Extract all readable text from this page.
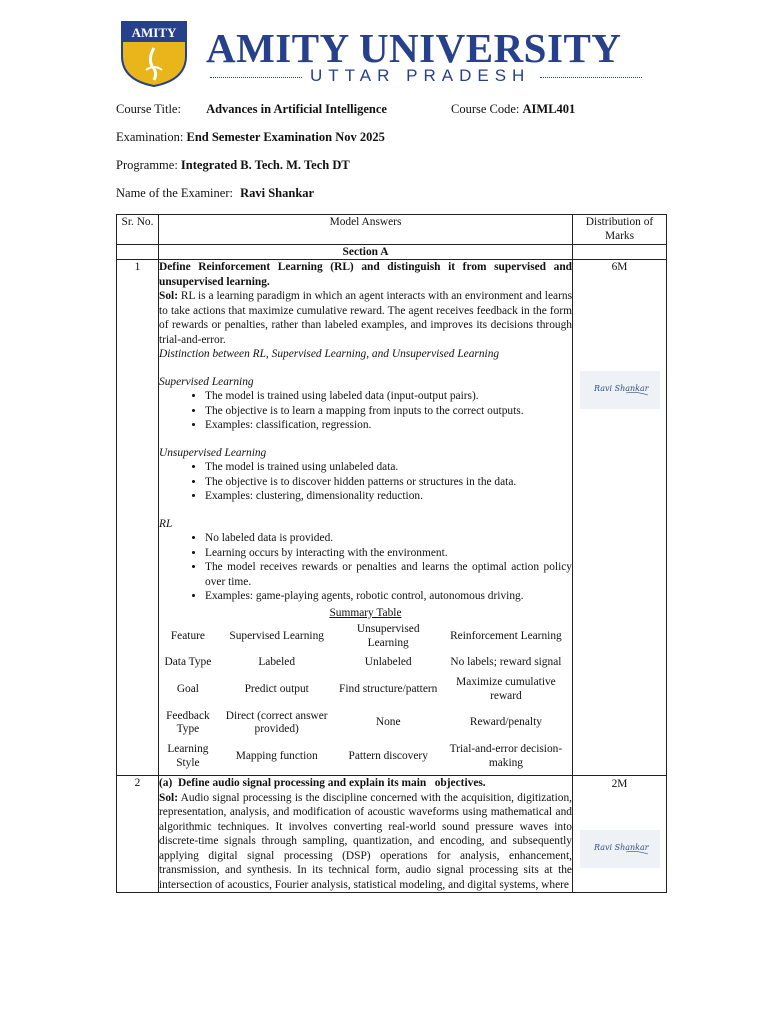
AMITY AMITY UNIVERSITY
UTTAR PRADESH
Course Title: Advances in Artificial Intelligence	Course Code: AIML401
Examination: End Semester Examination Nov 2025
Programme: Integrated B. Tech. M. Tech DT
Name of the Examiner: Ravi Shankar
Sr. No.	Model Answers	Distribution of Marks
	Section A	
1	Define Reinforcement Learning (RL) and distinguish it from supervised and unsupervised learning.
Sol: RL is a learning paradigm in which an agent interacts with an environment and learns to take actions that maximize cumulative reward. The agent receives feedback in the form of rewards or penalties, rather than labeled examples, and improves its decisions through trial-and-error.
Distinction between RL, Supervised Learning, and Unsupervised Learning
Supervised Learning
• The model is trained using labeled data (input-output pairs).
• The objective is to learn a mapping from inputs to the correct outputs.
• Examples: classification, regression.
Unsupervised Learning
• The model is trained using unlabeled data.
• The objective is to discover hidden patterns or structures in the data.
• Examples: clustering, dimensionality reduction.
RL
• No labeled data is provided.
• Learning occurs by interacting with the environment.
• The model receives rewards or penalties and learns the optimal action policy over time.
• Examples: game-playing agents, robotic control, autonomous driving.
Summary Table
Feature	Supervised Learning	Unsupervised Learning	Reinforcement Learning
Data Type	Labeled	Unlabeled	No labels; reward signal
Goal	Predict output	Find structure/pattern	Maximize cumulative reward
Feedback Type	Direct (correct answer provided)	None	Reward/penalty
Learning Style	Mapping function	Pattern discovery	Trial-and-error decision-making
	6M
Ravi Shankar

2	(a)  Define audio signal processing and explain its main   objectives.
Sol: Audio signal processing is the discipline concerned with the acquisition, digitization, representation, analysis, and modification of acoustic waveforms using mathematical and algorithmic techniques. It involves converting real-world sound pressure waves into discrete-time signals through sampling, quantization, and encoding, and subsequently applying digital signal processing (DSP) operations for analysis, enhancement, transmission, and synthesis. In its technical form, audio signal processing sits at the intersection of acoustics, Fourier analysis, statistical modeling, and digital systems, where	2M
Ravi Shankar
